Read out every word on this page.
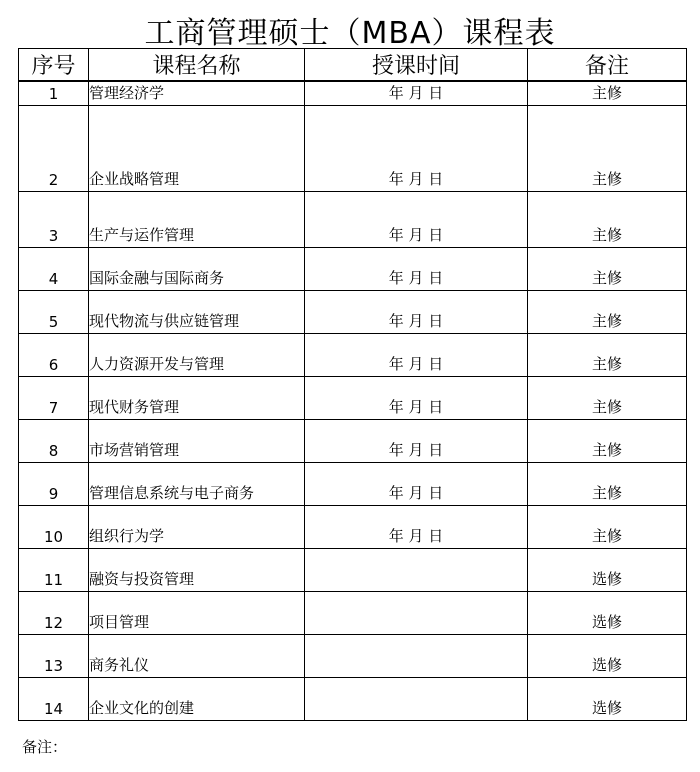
工商管理硕士（MBA）课程表
序号	课程名称	授课时间	备注
1	管理经济学	年 月 日	主修
2	企业战略管理	年 月 日	主修
3	生产与运作管理	年 月 日	主修
4	国际金融与国际商务	年 月 日	主修
5	现代物流与供应链管理	年 月 日	主修
6	人力资源开发与管理	年 月 日	主修
7	现代财务管理	年 月 日	主修
8	市场营销管理	年 月 日	主修
9	管理信息系统与电子商务	年 月 日	主修
10	组织行为学	年 月 日	主修
11	融资与投资管理		选修
12	项目管理		选修
13	商务礼仪		选修
14	企业文化的创建		选修
备注：
